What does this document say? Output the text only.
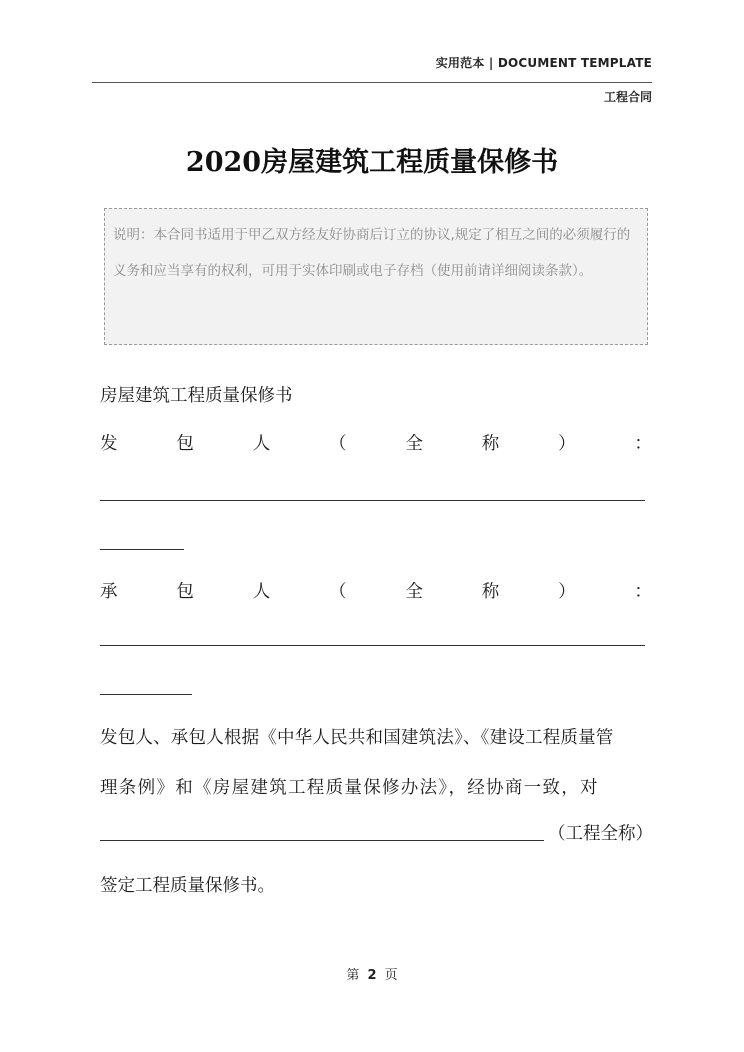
实用范本 | DOCUMENT TEMPLATE
工程合同
2020房屋建筑工程质量保修书
说明：本合同书适用于甲乙双方经友好协商后订立的协议,规定了相互之间的必须履行的义务和应当享有的权利，可用于实体印刷或电子存档（使用前请详细阅读条款）。
房屋建筑工程质量保修书
发	包	人	（	全	称	）	：
承	包	人	（	全	称	）	：
发包人、承包人根据《中华人民共和国建筑法》、《建设工程质量管
理条例》和《房屋建筑工程质量保修办法》，经协商一致，对
（工程全称）
签定工程质量保修书。
第 2 页
